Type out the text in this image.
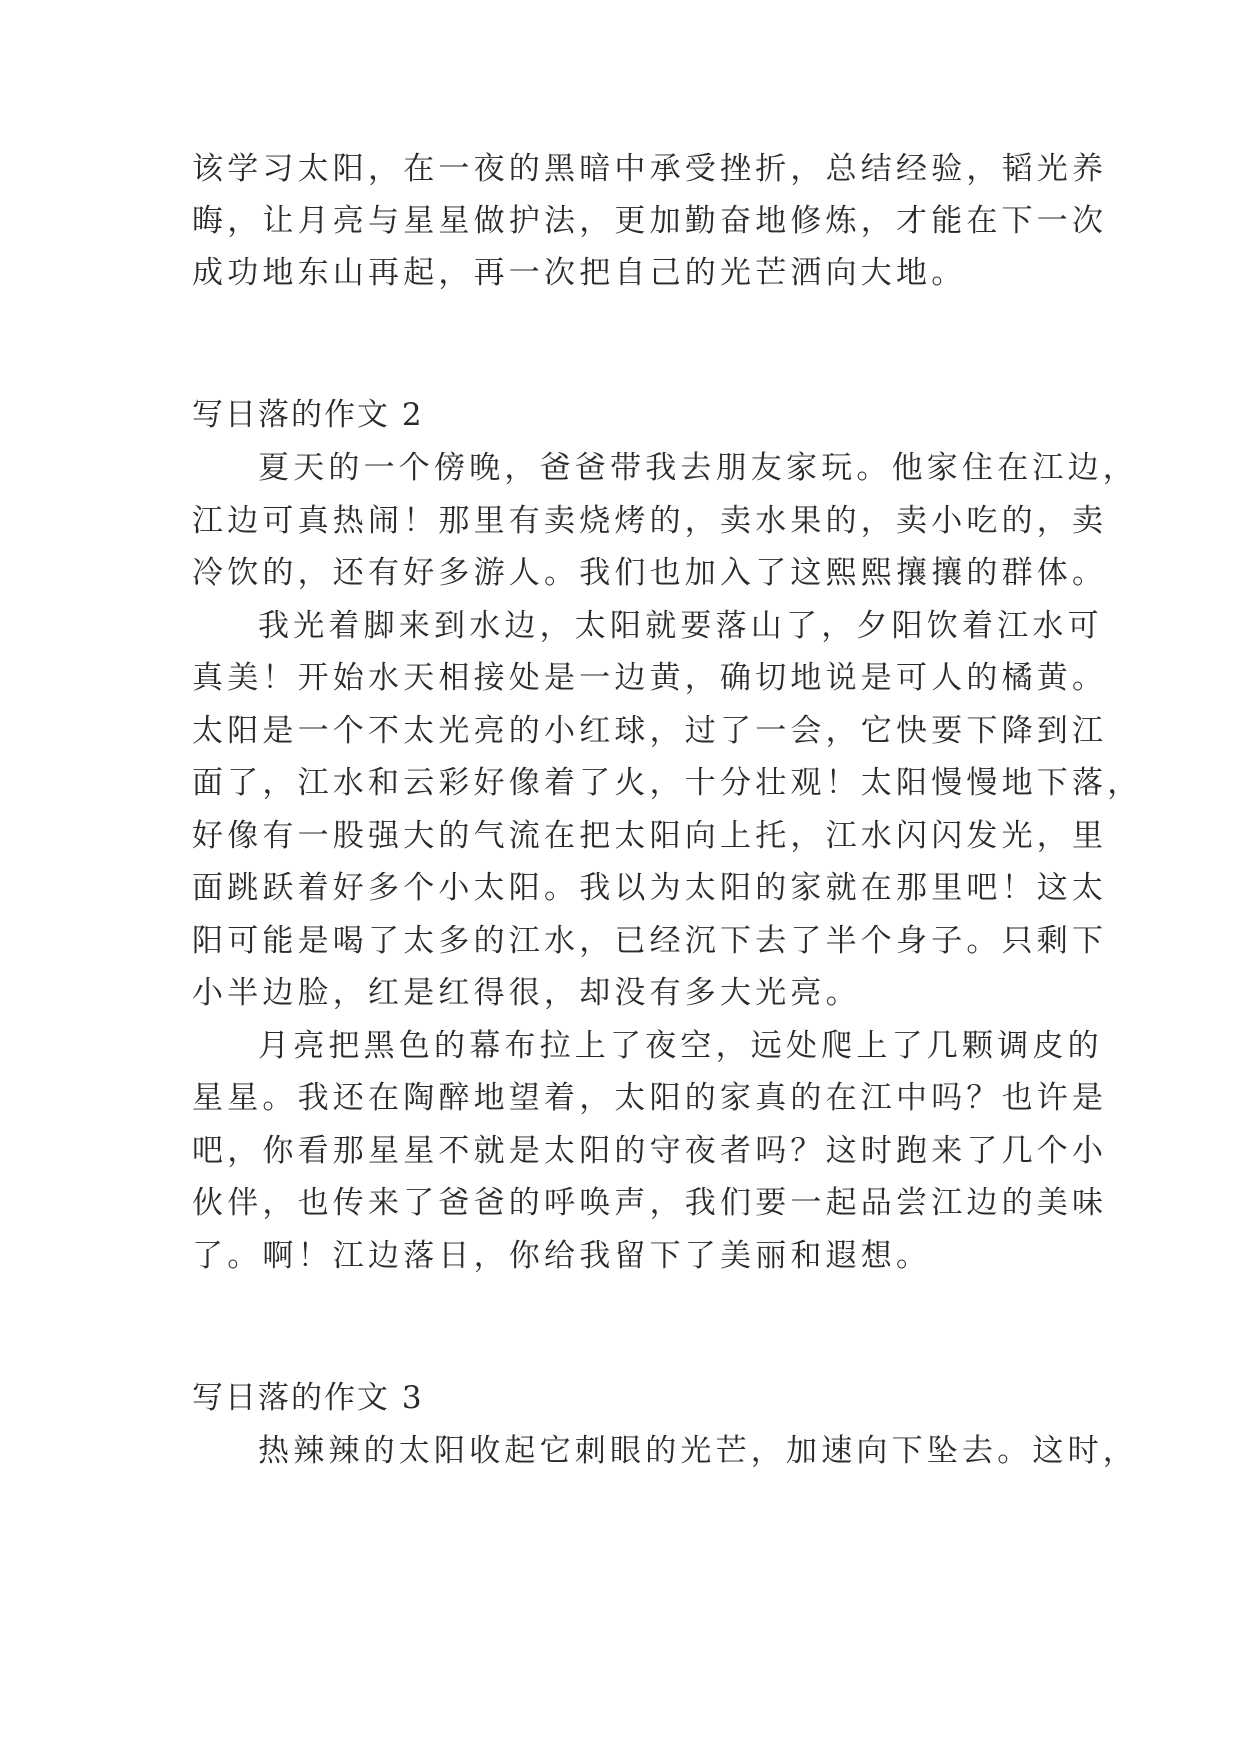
该学习太阳，在一夜的黑暗中承受挫折，总结经验，韬光养
晦，让月亮与星星做护法，更加勤奋地修炼，才能在下一次
成功地东山再起，再一次把自己的光芒洒向大地。
写日落的作文 2
夏天的一个傍晚，爸爸带我去朋友家玩。他家住在江边，
江边可真热闹！那里有卖烧烤的，卖水果的，卖小吃的，卖
冷饮的，还有好多游人。我们也加入了这熙熙攘攘的群体。
我光着脚来到水边，太阳就要落山了，夕阳饮着江水可
真美！开始水天相接处是一边黄，确切地说是可人的橘黄。
太阳是一个不太光亮的小红球，过了一会，它快要下降到江
面了，江水和云彩好像着了火，十分壮观！太阳慢慢地下落，
好像有一股强大的气流在把太阳向上托，江水闪闪发光，里
面跳跃着好多个小太阳。我以为太阳的家就在那里吧！这太
阳可能是喝了太多的江水，已经沉下去了半个身子。只剩下
小半边脸，红是红得很，却没有多大光亮。
月亮把黑色的幕布拉上了夜空，远处爬上了几颗调皮的
星星。我还在陶醉地望着，太阳的家真的在江中吗？也许是
吧，你看那星星不就是太阳的守夜者吗？这时跑来了几个小
伙伴，也传来了爸爸的呼唤声，我们要一起品尝江边的美味
了。啊！江边落日，你给我留下了美丽和遐想。
写日落的作文 3
热辣辣的太阳收起它刺眼的光芒，加速向下坠去。这时，
